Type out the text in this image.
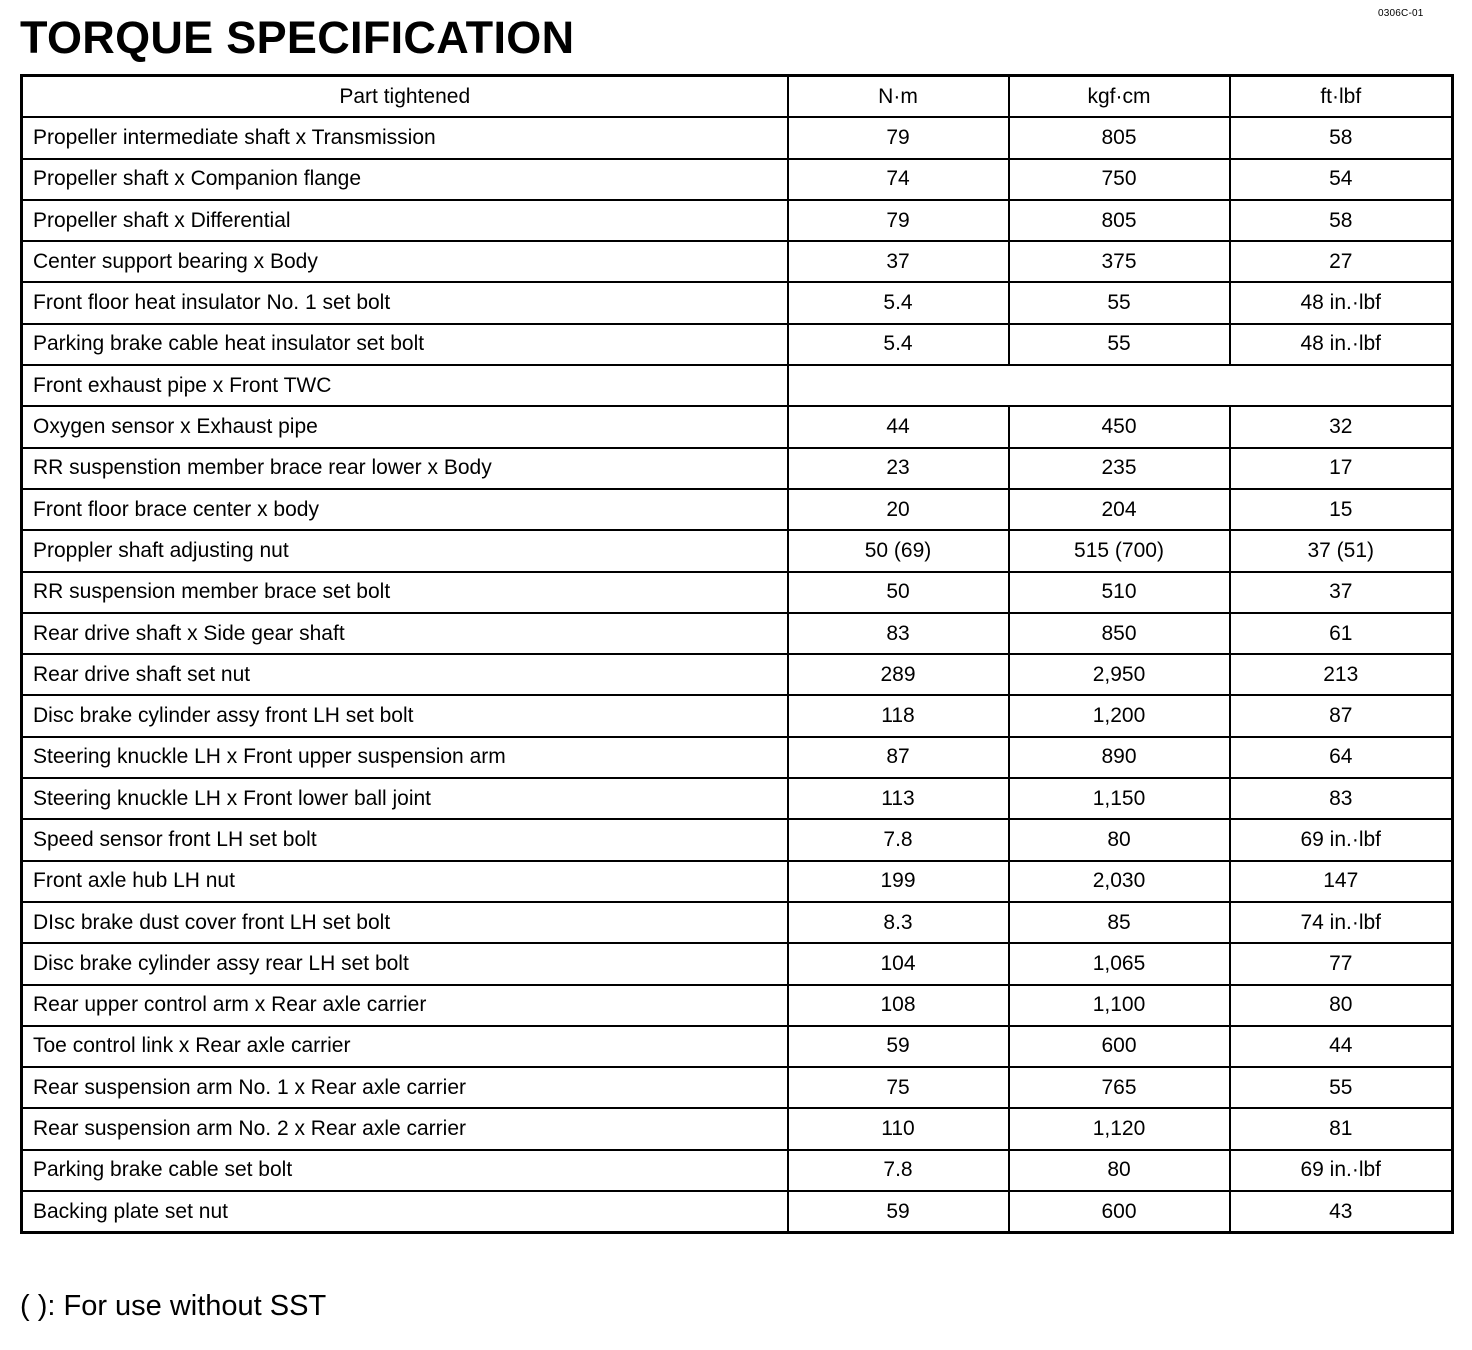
0306C-01
TORQUE SPECIFICATION
Part tightened	N·m	kgf·cm	ft·lbf
Propeller intermediate shaft x Transmission	79	805	58
Propeller shaft x Companion flange	74	750	54
Propeller shaft x Differential	79	805	58
Center support bearing x Body	37	375	27
Front floor heat insulator No. 1 set bolt	5.4	55	48 in.·lbf
Parking brake cable heat insulator set bolt	5.4	55	48 in.·lbf
Front exhaust pipe x Front TWC			
Oxygen sensor x Exhaust pipe	44	450	32
RR suspenstion member brace rear lower x Body	23	235	17
Front floor brace center x body	20	204	15
Proppler shaft adjusting nut	50 (69)	515 (700)	37 (51)
RR suspension member brace set bolt	50	510	37
Rear drive shaft x Side gear shaft	83	850	61
Rear drive shaft set nut	289	2,950	213
Disc brake cylinder assy front LH set bolt	118	1,200	87
Steering knuckle LH x Front upper suspension arm	87	890	64
Steering knuckle LH x Front lower ball joint	113	1,150	83
Speed sensor front LH set bolt	7.8	80	69 in.·lbf
Front axle hub LH nut	199	2,030	147
DIsc brake dust cover front LH set bolt	8.3	85	74 in.·lbf
Disc brake cylinder assy rear LH set bolt	104	1,065	77
Rear upper control arm x Rear axle carrier	108	1,100	80
Toe control link x Rear axle carrier	59	600	44
Rear suspension arm No. 1 x Rear axle carrier	75	765	55
Rear suspension arm No. 2 x Rear axle carrier	110	1,120	81
Parking brake cable set bolt	7.8	80	69 in.·lbf
Backing plate set nut	59	600	43
( ): For use without SST
